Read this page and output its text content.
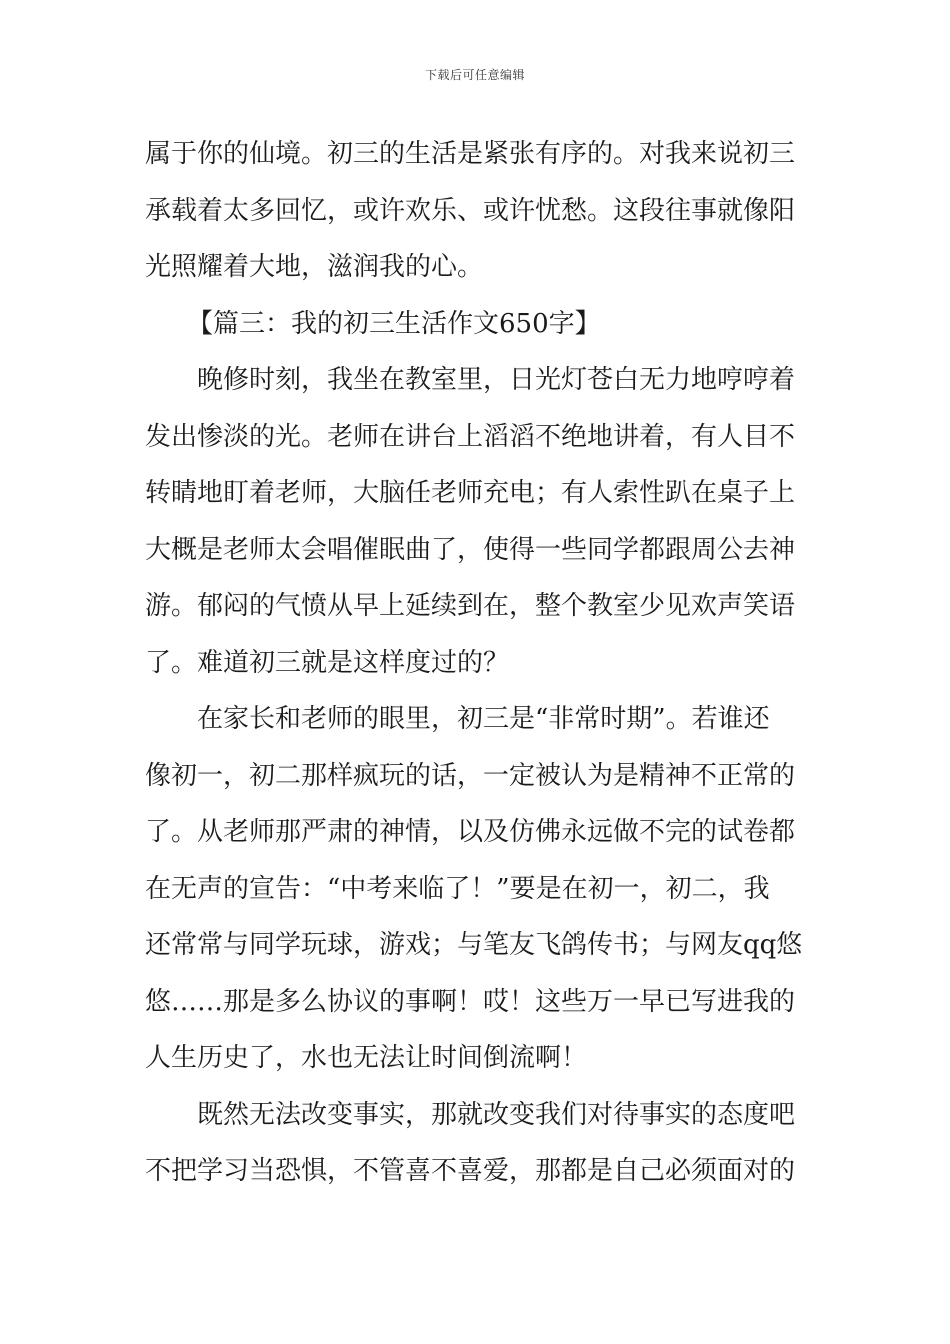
下载后可任意编辑
属于你的仙境。初三的生活是紧张有序的。对我来说初三
承载着太多回忆，或许欢乐、或许忧愁。这段往事就像阳
光照耀着大地，滋润我的心。
【篇三：我的初三生活作文650字】
晚修时刻，我坐在教室里，日光灯苍白无力地哼哼着
发出惨淡的光。老师在讲台上滔滔不绝地讲着，有人目不
转睛地盯着老师，大脑任老师充电；有人索性趴在桌子上
大概是老师太会唱催眠曲了，使得一些同学都跟周公去神
游。郁闷的气愤从早上延续到在，整个教室少见欢声笑语
了。难道初三就是这样度过的？
在家长和老师的眼里，初三是“非常时期”。若谁还
像初一，初二那样疯玩的话，一定被认为是精神不正常的
了。从老师那严肃的神情，以及仿佛永远做不完的试卷都
在无声的宣告：“中考来临了！”要是在初一，初二，我
还常常与同学玩球，游戏；与笔友飞鸽传书；与网友qq悠
悠……那是多么协议的事啊！哎！这些万一早已写进我的
人生历史了，水也无法让时间倒流啊！
既然无法改变事实，那就改变我们对待事实的态度吧
不把学习当恐惧，不管喜不喜爱，那都是自己必须面对的
